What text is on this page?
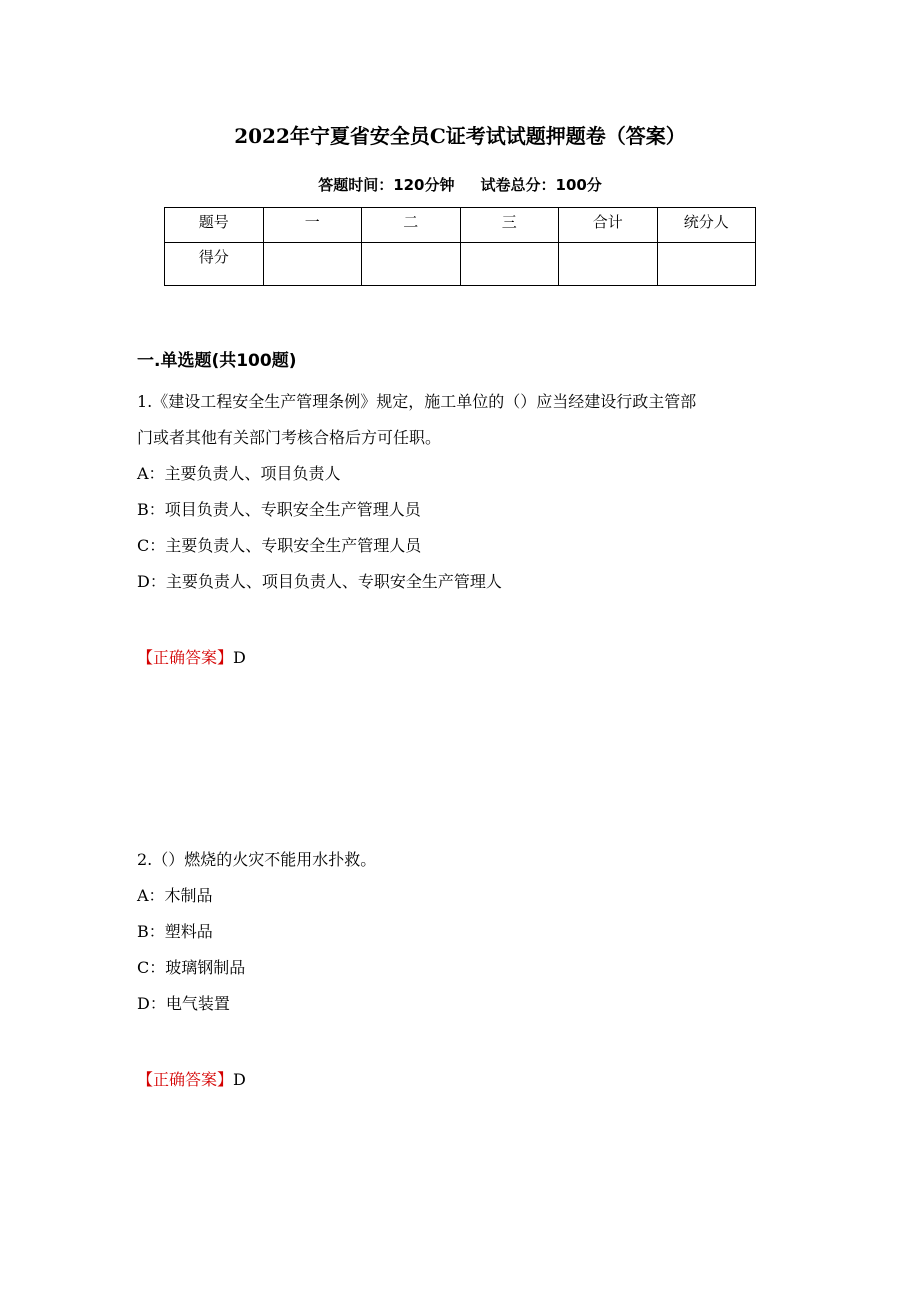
2022年宁夏省安全员C证考试试题押题卷（答案）
答题时间：120分钟 试卷总分：100分
题号	一	二	三	合计	统分人
得分					
一.单选题(共100题)

1.《建设工程安全生产管理条例》规定，施工单位的（）应当经建设行政主管部

门或者其他有关部门考核合格后方可任职。

A：主要负责人、项目负责人

B：项目负责人、专职安全生产管理人员

C：主要负责人、专职安全生产管理人员

D：主要负责人、项目负责人、专职安全生产管理人

【正确答案】D

2.（）燃烧的火灾不能用水扑救。

A：木制品

B：塑料品

C：玻璃钢制品

D：电气装置

【正确答案】D
